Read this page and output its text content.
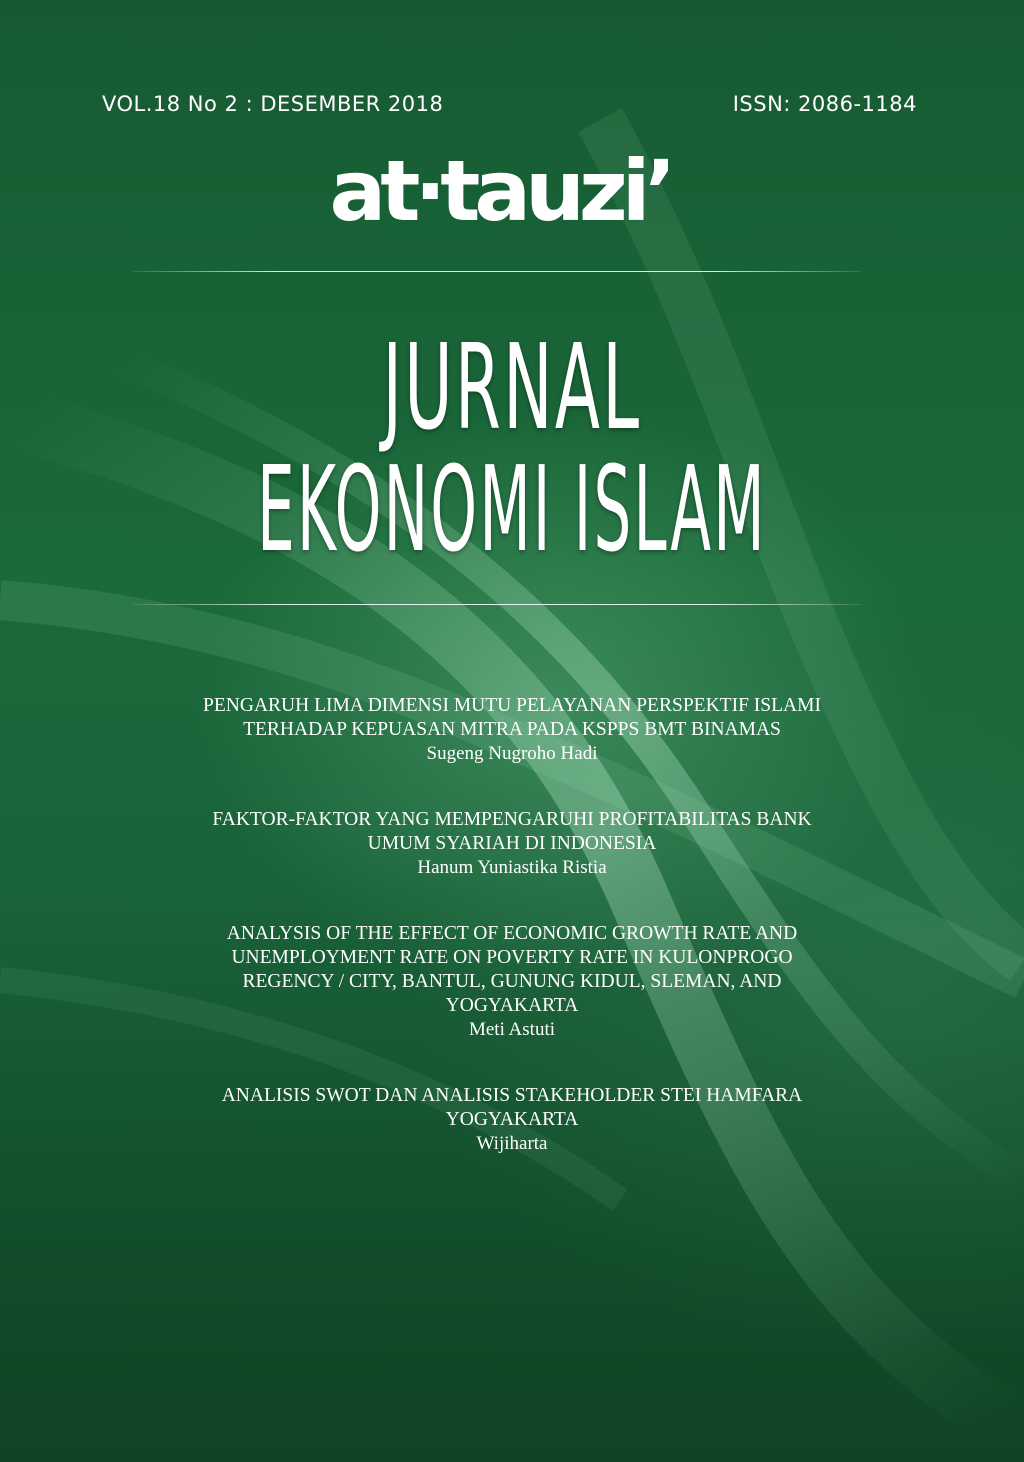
VOL.18 No 2 : DESEMBER 2018	ISSN: 2086-1184
at·tauzi’
JURNAL
EKONOMI ISLAM
PENGARUH LIMA DIMENSI MUTU PELAYANAN PERSPEKTIF ISLAMI
TERHADAP KEPUASAN MITRA PADA KSPPS BMT BINAMAS
Sugeng Nugroho Hadi
FAKTOR-FAKTOR YANG MEMPENGARUHI PROFITABILITAS BANK
UMUM SYARIAH DI INDONESIA
Hanum Yuniastika Ristia
ANALYSIS OF THE EFFECT OF ECONOMIC GROWTH RATE AND
UNEMPLOYMENT RATE ON POVERTY RATE IN KULONPROGO
REGENCY / CITY, BANTUL, GUNUNG KIDUL, SLEMAN, AND
YOGYAKARTA
Meti Astuti
ANALISIS SWOT DAN ANALISIS STAKEHOLDER STEI HAMFARA
YOGYAKARTA
Wijiharta
